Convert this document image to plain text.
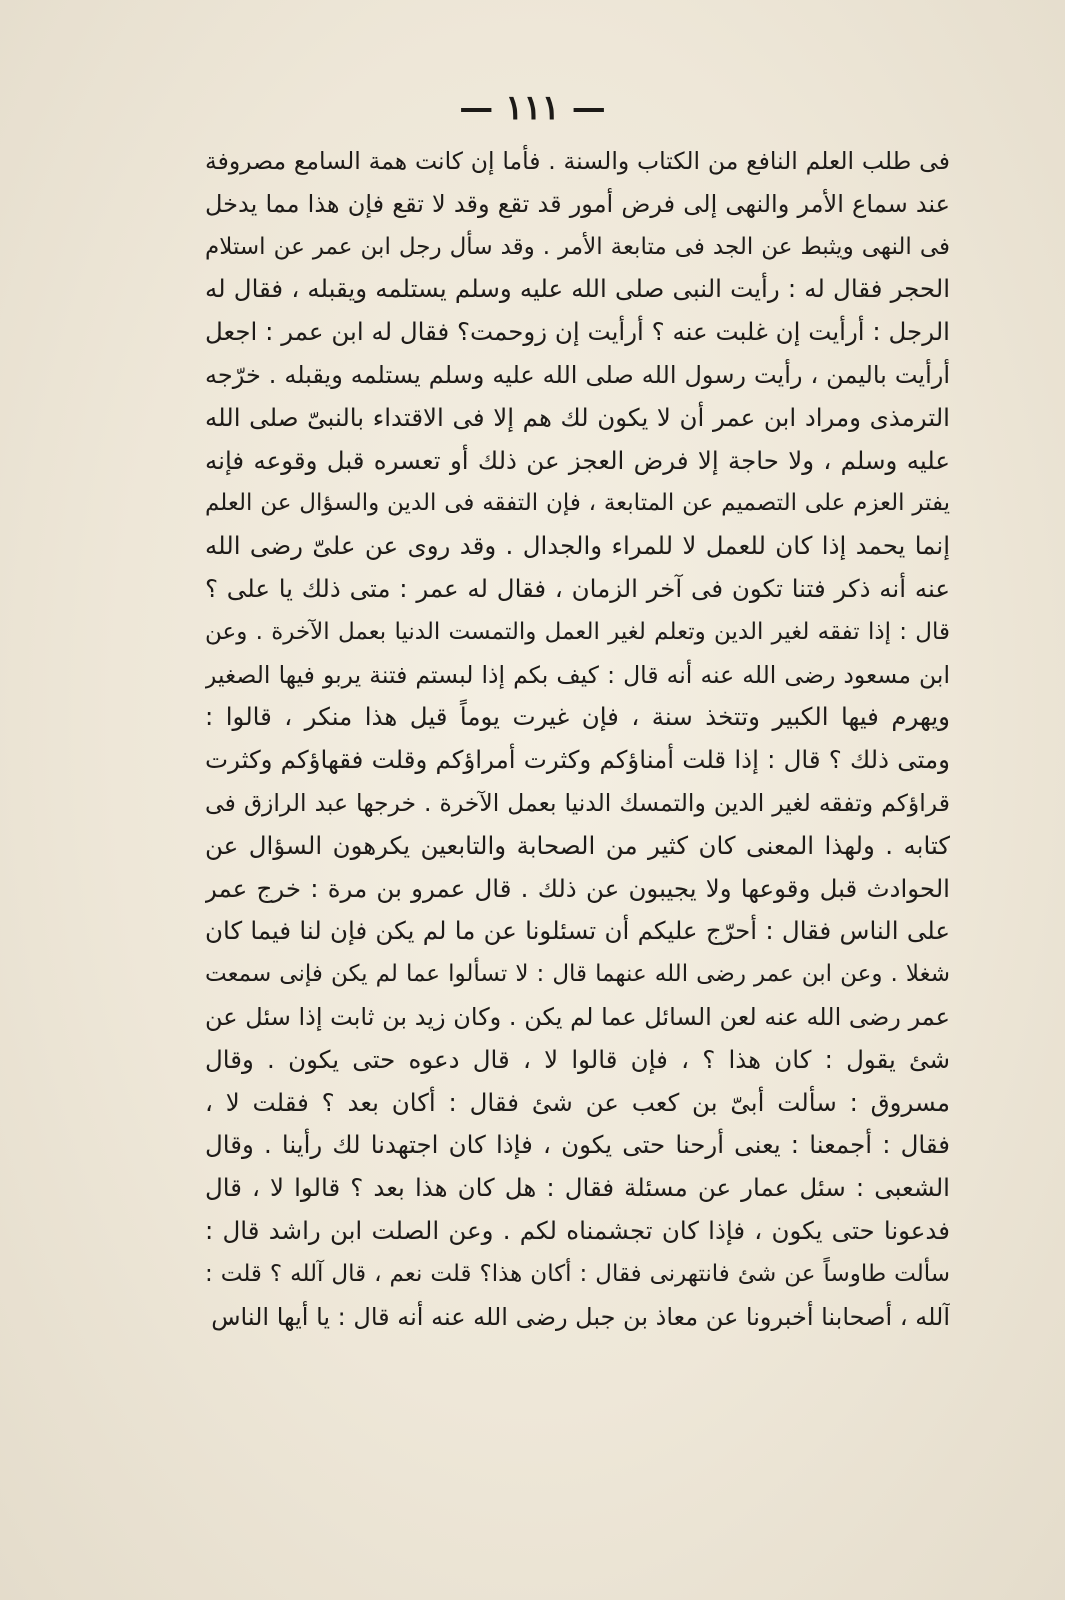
— ١١١ —
فى طلب العلم النافع من الكتاب والسنة . فأما إن كانت همة السامع مصروفة
عند سماع الأمر والنهى إلى فرض أمور قد تقع وقد لا تقع فإن هذا مما يدخل
فى النهى ويثبط عن الجد فى متابعة الأمر . وقد سأل رجل ابن عمر عن استلام
الحجر فقال له : رأيت النبى صلى الله عليه وسلم يستلمه ويقبله ، فقال له
الرجل : أرأيت إن غلبت عنه ؟ أرأيت إن زوحمت؟ فقال له ابن عمر : اجعل
أرأيت باليمن ، رأيت رسول الله صلى الله عليه وسلم يستلمه ويقبله . خرّجه
الترمذى ومراد ابن عمر أن لا يكون لك هم إلا فى الاقتداء بالنبىّ صلى الله
عليه وسلم ، ولا حاجة إلا فرض العجز عن ذلك أو تعسره قبل وقوعه فإنه
يفتر العزم على التصميم عن المتابعة ، فإن التفقه فى الدين والسؤال عن العلم
إنما يحمد إذا كان للعمل لا للمراء والجدال . وقد روى عن علىّ رضى الله
عنه أنه ذكر فتنا تكون فى آخر الزمان ، فقال له عمر : متى ذلك يا على ؟
قال : إذا تفقه لغير الدين وتعلم لغير العمل والتمست الدنيا بعمل الآخرة . وعن
ابن مسعود رضى الله عنه أنه قال : كيف بكم إذا لبستم فتنة يربو فيها الصغير
ويهرم فيها الكبير وتتخذ سنة ، فإن غيرت يوماً قيل هذا منكر ، قالوا :
ومتى ذلك ؟ قال : إذا قلت أمناؤكم وكثرت أمراؤكم وقلت فقهاؤكم وكثرت
قراؤكم وتفقه لغير الدين والتمسك الدنيا بعمل الآخرة . خرجها عبد الرازق فى
كتابه . ولهذا المعنى كان كثير من الصحابة والتابعين يكرهون السؤال عن
الحوادث قبل وقوعها ولا يجيبون عن ذلك . قال عمرو بن مرة : خرج عمر
على الناس فقال : أحرّج عليكم أن تسئلونا عن ما لم يكن فإن لنا فيما كان
شغلا . وعن ابن عمر رضى الله عنهما قال : لا تسألوا عما لم يكن فإنى سمعت
عمر رضى الله عنه لعن السائل عما لم يكن . وكان زيد بن ثابت إذا سئل عن
شئ يقول : كان هذا ؟ ، فإن قالوا لا ، قال دعوه حتى يكون . وقال
مسروق : سألت أبىّ بن كعب عن شئ فقال : أكان بعد ؟ فقلت لا ،
فقال : أجمعنا : يعنى أرحنا حتى يكون ، فإذا كان اجتهدنا لك رأينا . وقال
الشعبى : سئل عمار عن مسئلة فقال : هل كان هذا بعد ؟ قالوا لا ، قال
فدعونا حتى يكون ، فإذا كان تجشمناه لكم . وعن الصلت ابن راشد قال :
سألت طاوساً عن شئ فانتهرنى فقال : أكان هذا؟ قلت نعم ، قال آلله ؟ قلت :
آلله ، أصحابنا أخبرونا عن معاذ بن جبل رضى الله عنه أنه قال : يا أيها الناس
